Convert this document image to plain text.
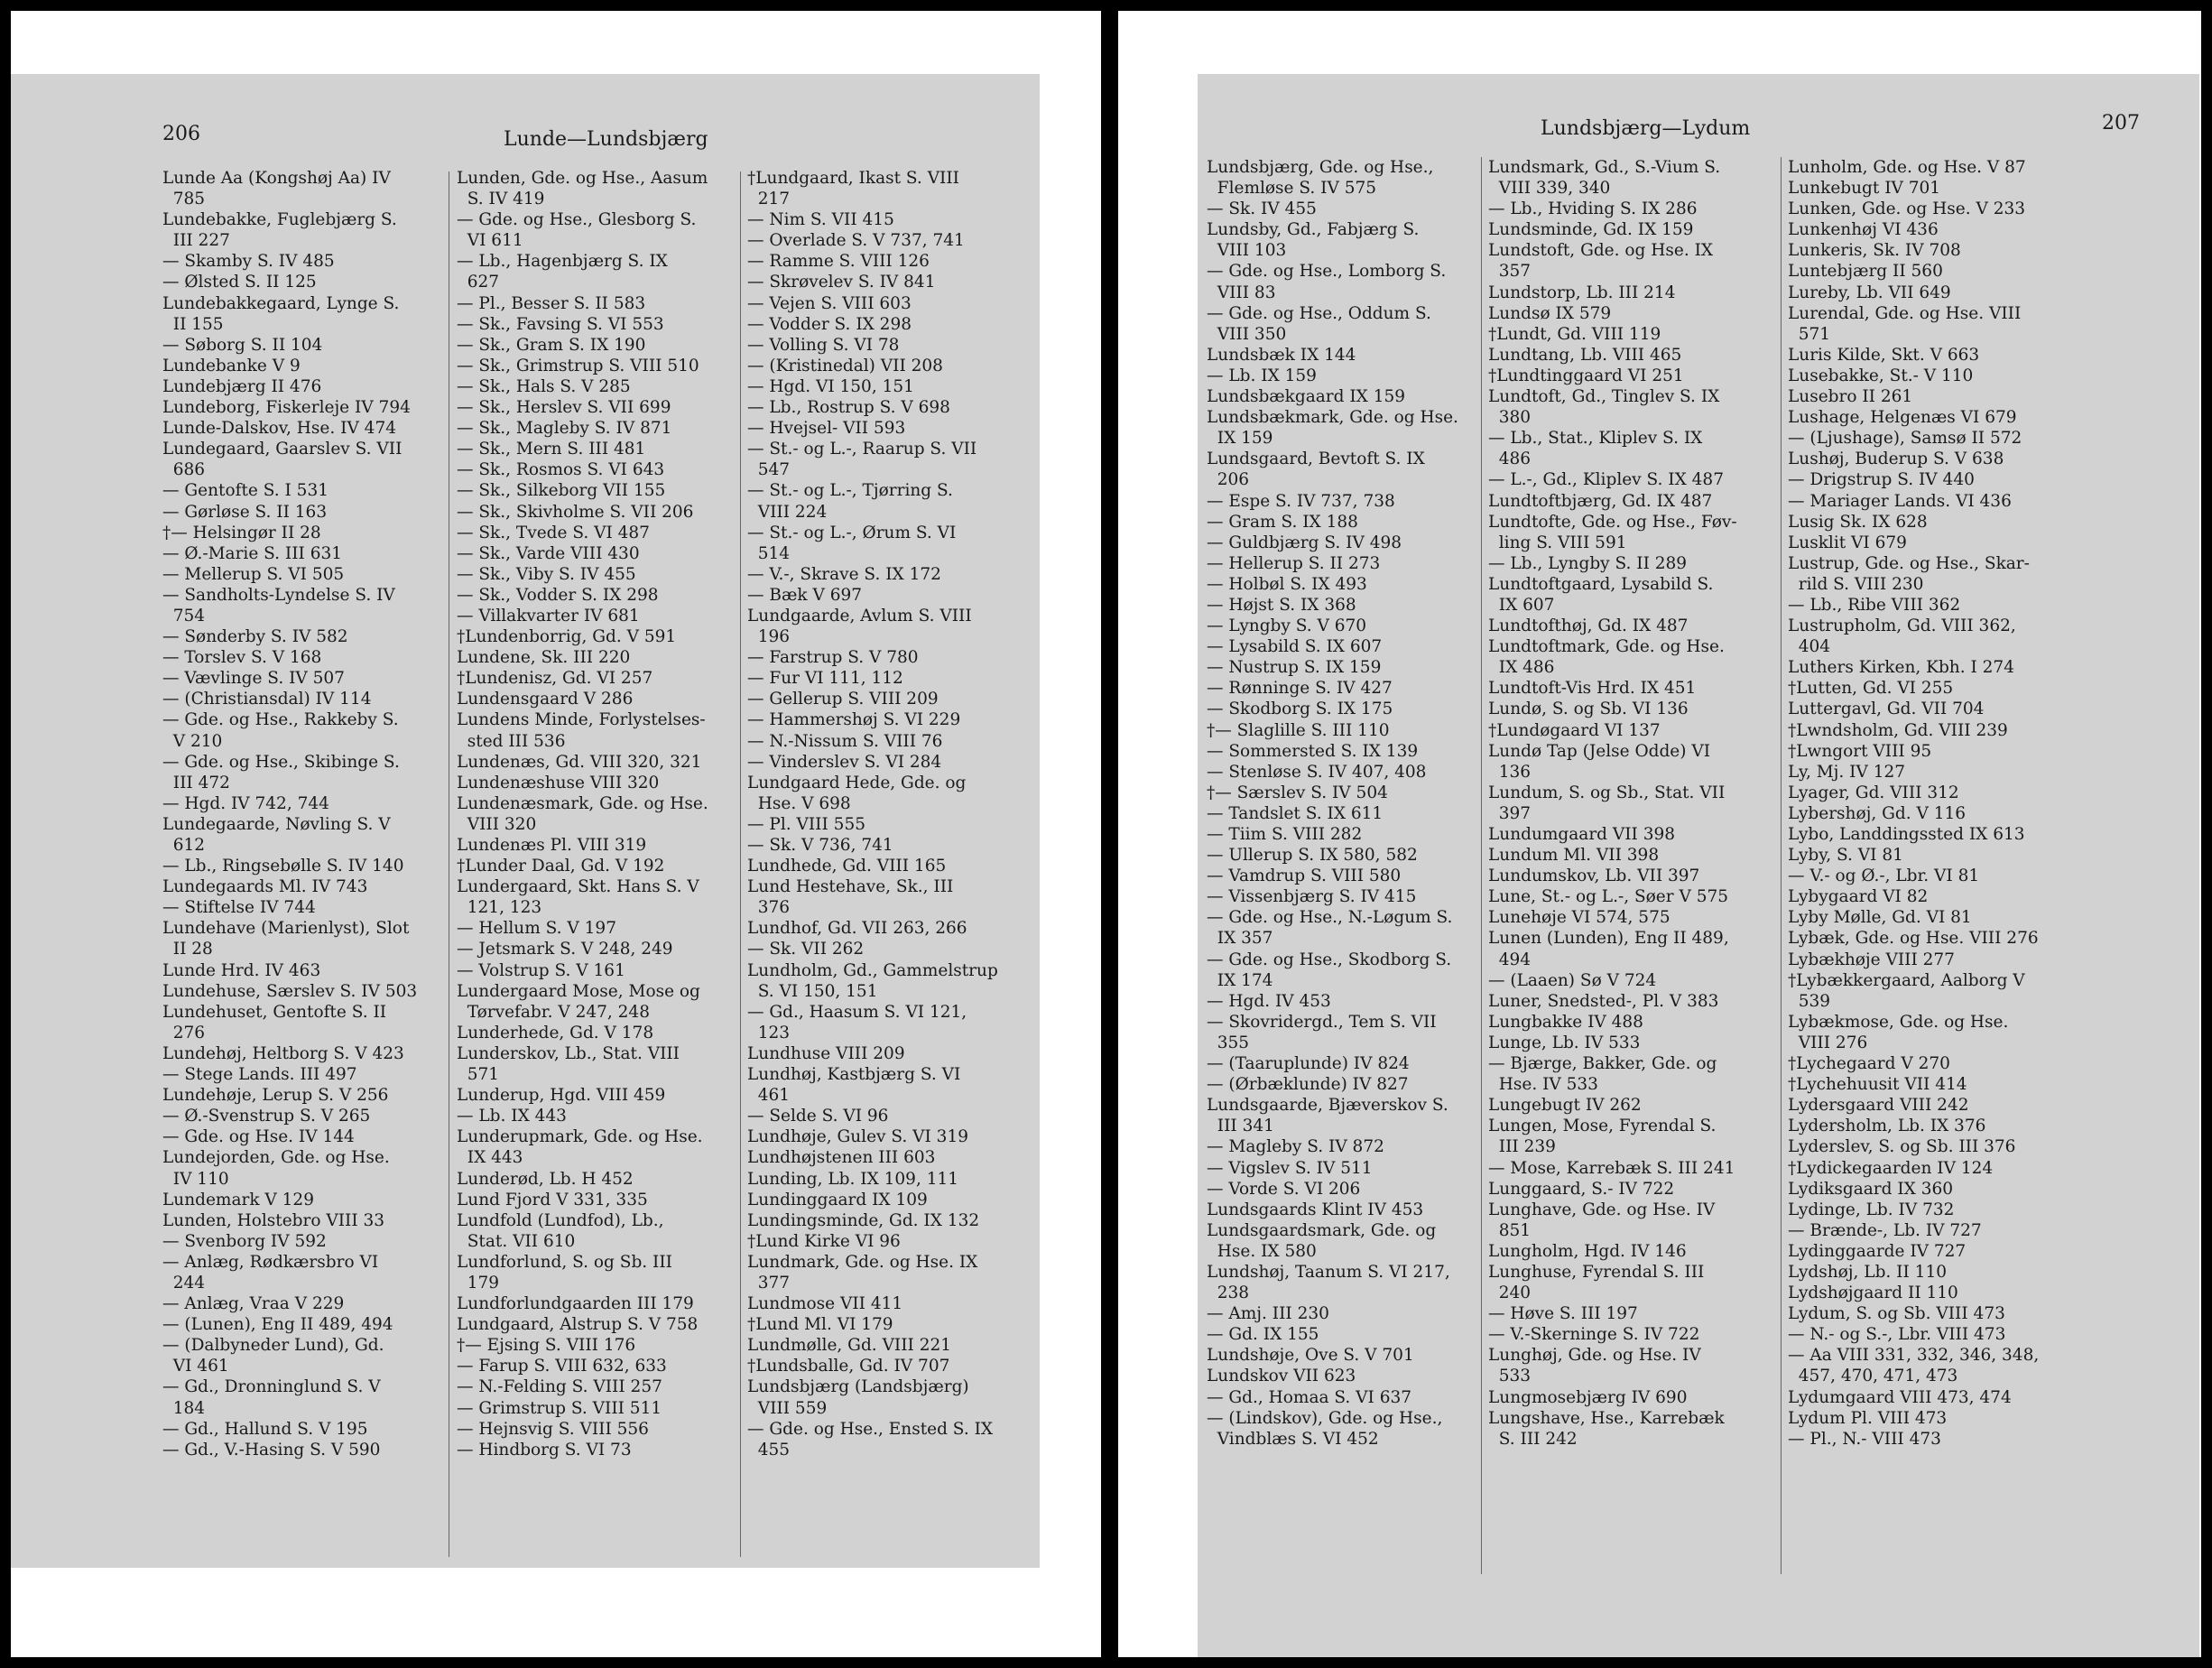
206	Lunde—Lundsbjærg
Lunde Aa (Kongshøj Aa) IV
785
Lundebakke, Fuglebjærg S.
III 227
— Skamby S. IV 485
— Ølsted S. II 125
Lundebakkegaard, Lynge S.
II 155
— Søborg S. II 104
Lundebanke V 9
Lundebjærg II 476
Lundeborg, Fiskerleje IV 794
Lunde-Dalskov, Hse. IV 474
Lundegaard, Gaarslev S. VII
686
— Gentofte S. I 531
— Gørløse S. II 163
†— Helsingør II 28
— Ø.-Marie S. III 631
— Mellerup S. VI 505
— Sandholts-Lyndelse S. IV
754
— Sønderby S. IV 582
— Torslev S. V 168
— Vævlinge S. IV 507
— (Christiansdal) IV 114
— Gde. og Hse., Rakkeby S.
V 210
— Gde. og Hse., Skibinge S.
III 472
— Hgd. IV 742, 744
Lundegaarde, Nøvling S. V
612
— Lb., Ringsebølle S. IV 140
Lundegaards Ml. IV 743
— Stiftelse IV 744
Lundehave (Marienlyst), Slot
II 28
Lunde Hrd. IV 463
Lundehuse, Særslev S. IV 503
Lundehuset, Gentofte S. II
276
Lundehøj, Heltborg S. V 423
— Stege Lands. III 497
Lundehøje, Lerup S. V 256
— Ø.-Svenstrup S. V 265
— Gde. og Hse. IV 144
Lundejorden, Gde. og Hse.
IV 110
Lundemark V 129
Lunden, Holstebro VIII 33
— Svenborg IV 592
— Anlæg, Rødkærsbro VI
244
— Anlæg, Vraa V 229
— (Lunen), Eng II 489, 494
— (Dalbyneder Lund), Gd.
VI 461
— Gd., Dronninglund S. V
184
— Gd., Hallund S. V 195
— Gd., V.-Hasing S. V 590
Lunden, Gde. og Hse., Aasum
S. IV 419
— Gde. og Hse., Glesborg S.
VI 611
— Lb., Hagenbjærg S. IX
627
— Pl., Besser S. II 583
— Sk., Favsing S. VI 553
— Sk., Gram S. IX 190
— Sk., Grimstrup S. VIII 510
— Sk., Hals S. V 285
— Sk., Herslev S. VII 699
— Sk., Magleby S. IV 871
— Sk., Mern S. III 481
— Sk., Rosmos S. VI 643
— Sk., Silkeborg VII 155
— Sk., Skivholme S. VII 206
— Sk., Tvede S. VI 487
— Sk., Varde VIII 430
— Sk., Viby S. IV 455
— Sk., Vodder S. IX 298
— Villakvarter IV 681
†Lundenborrig, Gd. V 591
Lundene, Sk. III 220
†Lundenisz, Gd. VI 257
Lundensgaard V 286
Lundens Minde, Forlystelses-
sted III 536
Lundenæs, Gd. VIII 320, 321
Lundenæshuse VIII 320
Lundenæsmark, Gde. og Hse.
VIII 320
Lundenæs Pl. VIII 319
†Lunder Daal, Gd. V 192
Lundergaard, Skt. Hans S. V
121, 123
— Hellum S. V 197
— Jetsmark S. V 248, 249
— Volstrup S. V 161
Lundergaard Mose, Mose og
Tørvefabr. V 247, 248
Lunderhede, Gd. V 178
Lunderskov, Lb., Stat. VIII
571
Lunderup, Hgd. VIII 459
— Lb. IX 443
Lunderupmark, Gde. og Hse.
IX 443
Lunderød, Lb. H 452
Lund Fjord V 331, 335
Lundfold (Lundfod), Lb.,
Stat. VII 610
Lundforlund, S. og Sb. III
179
Lundforlundgaarden III 179
Lundgaard, Alstrup S. V 758
†— Ejsing S. VIII 176
— Farup S. VIII 632, 633
— N.-Felding S. VIII 257
— Grimstrup S. VIII 511
— Hejnsvig S. VIII 556
— Hindborg S. VI 73
†Lundgaard, Ikast S. VIII
217
— Nim S. VII 415
— Overlade S. V 737, 741
— Ramme S. VIII 126
— Skrøvelev S. IV 841
— Vejen S. VIII 603
— Vodder S. IX 298
— Volling S. VI 78
— (Kristinedal) VII 208
— Hgd. VI 150, 151
— Lb., Rostrup S. V 698
— Hvejsel- VII 593
— St.- og L.-, Raarup S. VII
547
— St.- og L.-, Tjørring S.
VIII 224
— St.- og L.-, Ørum S. VI
514
— V.-, Skrave S. IX 172
— Bæk V 697
Lundgaarde, Avlum S. VIII
196
— Farstrup S. V 780
— Fur VI 111, 112
— Gellerup S. VIII 209
— Hammershøj S. VI 229
— N.-Nissum S. VIII 76
— Vinderslev S. VI 284
Lundgaard Hede, Gde. og
Hse. V 698
— Pl. VIII 555
— Sk. V 736, 741
Lundhede, Gd. VIII 165
Lund Hestehave, Sk., III
376
Lundhof, Gd. VII 263, 266
— Sk. VII 262
Lundholm, Gd., Gammelstrup
S. VI 150, 151
— Gd., Haasum S. VI 121,
123
Lundhuse VIII 209
Lundhøj, Kastbjærg S. VI
461
— Selde S. VI 96
Lundhøje, Gulev S. VI 319
Lundhøjstenen III 603
Lunding, Lb. IX 109, 111
Lundinggaard IX 109
Lundingsminde, Gd. IX 132
†Lund Kirke VI 96
Lundmark, Gde. og Hse. IX
377
Lundmose VII 411
†Lund Ml. VI 179
Lundmølle, Gd. VIII 221
†Lundsballe, Gd. IV 707
Lundsbjærg (Landsbjærg)
VIII 559
— Gde. og Hse., Ensted S. IX
455
207
Lundsbjærg—Lydum
Lundsbjærg, Gde. og Hse.,
Flemløse S. IV 575
— Sk. IV 455
Lundsby, Gd., Fabjærg S.
VIII 103
— Gde. og Hse., Lomborg S.
VIII 83
— Gde. og Hse., Oddum S.
VIII 350
Lundsbæk IX 144
— Lb. IX 159
Lundsbækgaard IX 159
Lundsbækmark, Gde. og Hse.
IX 159
Lundsgaard, Bevtoft S. IX
206
— Espe S. IV 737, 738
— Gram S. IX 188
— Guldbjærg S. IV 498
— Hellerup S. II 273
— Holbøl S. IX 493
— Højst S. IX 368
— Lyngby S. V 670
— Lysabild S. IX 607
— Nustrup S. IX 159
— Rønninge S. IV 427
— Skodborg S. IX 175
†— Slaglille S. III 110
— Sommersted S. IX 139
— Stenløse S. IV 407, 408
†— Særslev S. IV 504
— Tandslet S. IX 611
— Tiim S. VIII 282
— Ullerup S. IX 580, 582
— Vamdrup S. VIII 580
— Vissenbjærg S. IV 415
— Gde. og Hse., N.-Løgum S.
IX 357
— Gde. og Hse., Skodborg S.
IX 174
— Hgd. IV 453
— Skovridergd., Tem S. VII
355
— (Taaruplunde) IV 824
— (Ørbæklunde) IV 827
Lundsgaarde, Bjæverskov S.
III 341
— Magleby S. IV 872
— Vigslev S. IV 511
— Vorde S. VI 206
Lundsgaards Klint IV 453
Lundsgaardsmark, Gde. og
Hse. IX 580
Lundshøj, Taanum S. VI 217,
238
— Amj. III 230
— Gd. IX 155
Lundshøje, Ove S. V 701
Lundskov VII 623
— Gd., Homaa S. VI 637
— (Lindskov), Gde. og Hse.,
Vindblæs S. VI 452
Lundsmark, Gd., S.-Vium S.
VIII 339, 340
— Lb., Hviding S. IX 286
Lundsminde, Gd. IX 159
Lundstoft, Gde. og Hse. IX
357
Lundstorp, Lb. III 214
Lundsø IX 579
†Lundt, Gd. VIII 119
Lundtang, Lb. VIII 465
†Lundtinggaard VI 251
Lundtoft, Gd., Tinglev S. IX
380
— Lb., Stat., Kliplev S. IX
486
— L.-, Gd., Kliplev S. IX 487
Lundtoftbjærg, Gd. IX 487
Lundtofte, Gde. og Hse., Føv-
ling S. VIII 591
— Lb., Lyngby S. II 289
Lundtoftgaard, Lysabild S.
IX 607
Lundtofthøj, Gd. IX 487
Lundtoftmark, Gde. og Hse.
IX 486
Lundtoft-Vis Hrd. IX 451
Lundø, S. og Sb. VI 136
†Lundøgaard VI 137
Lundø Tap (Jelse Odde) VI
136
Lundum, S. og Sb., Stat. VII
397
Lundumgaard VII 398
Lundum Ml. VII 398
Lundumskov, Lb. VII 397
Lune, St.- og L.-, Søer V 575
Lunehøje VI 574, 575
Lunen (Lunden), Eng II 489,
494
— (Laaen) Sø V 724
Luner, Snedsted-, Pl. V 383
Lungbakke IV 488
Lunge, Lb. IV 533
— Bjærge, Bakker, Gde. og
Hse. IV 533
Lungebugt IV 262
Lungen, Mose, Fyrendal S.
III 239
— Mose, Karrebæk S. III 241
Lunggaard, S.- IV 722
Lunghave, Gde. og Hse. IV
851
Lungholm, Hgd. IV 146
Lunghuse, Fyrendal S. III
240
— Høve S. III 197
— V.-Skerninge S. IV 722
Lunghøj, Gde. og Hse. IV
533
Lungmosebjærg IV 690
Lungshave, Hse., Karrebæk
S. III 242
Lunholm, Gde. og Hse. V 87
Lunkebugt IV 701
Lunken, Gde. og Hse. V 233
Lunkenhøj VI 436
Lunkeris, Sk. IV 708
Luntebjærg II 560
Lureby, Lb. VII 649
Lurendal, Gde. og Hse. VIII
571
Luris Kilde, Skt. V 663
Lusebakke, St.- V 110
Lusebro II 261
Lushage, Helgenæs VI 679
— (Ljushage), Samsø II 572
Lushøj, Buderup S. V 638
— Drigstrup S. IV 440
— Mariager Lands. VI 436
Lusig Sk. IX 628
Lusklit VI 679
Lustrup, Gde. og Hse., Skar-
rild S. VIII 230
— Lb., Ribe VIII 362
Lustrupholm, Gd. VIII 362,
404
Luthers Kirken, Kbh. I 274
†Lutten, Gd. VI 255
Luttergavl, Gd. VII 704
†Lwndsholm, Gd. VIII 239
†Lwngort VIII 95
Ly, Mj. IV 127
Lyager, Gd. VIII 312
Lybershøj, Gd. V 116
Lybo, Landdingssted IX 613
Lyby, S. VI 81
— V.- og Ø.-, Lbr. VI 81
Lybygaard VI 82
Lyby Mølle, Gd. VI 81
Lybæk, Gde. og Hse. VIII 276
Lybækhøje VIII 277
†Lybækkergaard, Aalborg V
539
Lybækmose, Gde. og Hse.
VIII 276
†Lychegaard V 270
†Lychehuusit VII 414
Lydersgaard VIII 242
Lydersholm, Lb. IX 376
Lyderslev, S. og Sb. III 376
†Lydickegaarden IV 124
Lydiksgaard IX 360
Lydinge, Lb. IV 732
— Brænde-, Lb. IV 727
Lydinggaarde IV 727
Lydshøj, Lb. II 110
Lydshøjgaard II 110
Lydum, S. og Sb. VIII 473
— N.- og S.-, Lbr. VIII 473
— Aa VIII 331, 332, 346, 348,
457, 470, 471, 473
Lydumgaard VIII 473, 474
Lydum Pl. VIII 473
— Pl., N.- VIII 473
